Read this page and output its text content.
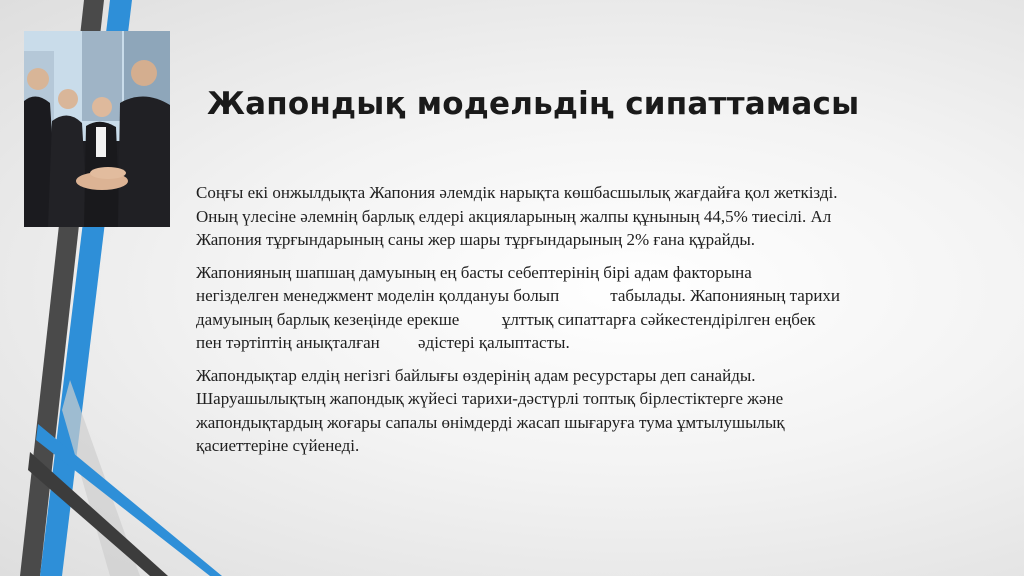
Жапондық модельдің сипаттамасы

Соңғы екі онжылдықта Жапония әлемдік нарықта көшбасшылық жағдайға қол жеткізді.
Оның үлесіне әлемнің барлық елдері акцияларының жалпы құнының 44,5% тиесілі. Ал
Жапония тұрғындарының саны жер шары тұрғындарының 2% ғана құрайды.

Жапонияның шапшаң дамуының ең басты себептерінің бірі адам факторына
негізделген менеджмент моделін қолдануы болып            табылады. Жапонияның тарихи
дамуының барлық кезеңінде ерекше          ұлттық сипаттарға сәйкестендірілген еңбек
пен тәртіптің анықталған         әдістері қалыптасты.

Жапондықтар елдің негізгі байлығы өздерінің адам ресурстары деп санайды.
Шаруашылықтың жапондық жүйесі тарихи-дәстүрлі топтық бірлестіктерге және
жапондықтардың жоғары сапалы өнімдерді жасап шығаруға тума ұмтылушылық
қасиеттеріне сүйенеді.
